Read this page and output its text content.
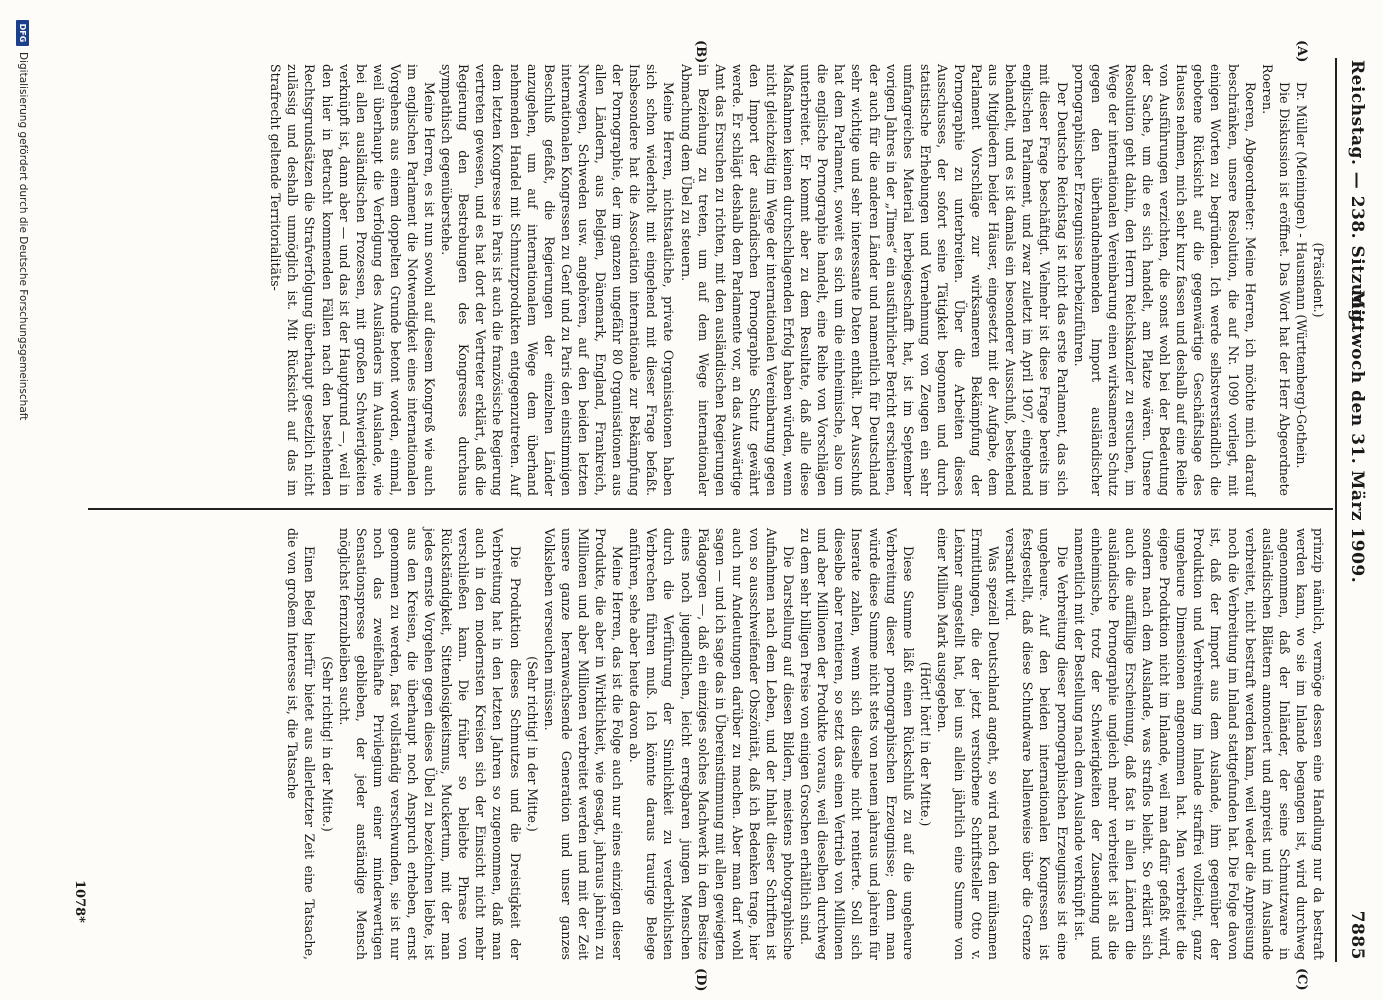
Reichstag. — 238. Sitzung.
Mittwoch den 31. März 1909.
7885
(A)
(B)
(C)
(D)

(Präsident.)

Dr. Müller (Meiningen) - Hausmann (Württemberg)-Gothein.

Die Diskussion ist eröffnet. Das Wort hat der Herr Abgeordnete Roeren.

Roeren, Abgeordneter: Meine Herren, ich möchte mich darauf beschränken, unsere Resolution, die auf Nr. 1090 vorliegt, mit einigen Worten zu begründen. Ich werde selbstverständlich die gebotene Rücksicht auf die gegenwärtige Geschäftslage des Hauses nehmen, mich sehr kurz fassen und deshalb auf eine Reihe von Ausführungen verzichten, die sonst wohl bei der Bedeutung der Sache, um die es sich handelt, am Platze wären. Unsere Resolution geht dahin, den Herrn Reichskanzler zu ersuchen, im Wege der internationalen Vereinbarung einen wirksameren Schutz gegen den überhandnehmenden Import ausländischer pornographischer Erzeugnisse herbeizuführen.

Der Deutsche Reichstag ist nicht das erste Parlament, das sich mit dieser Frage beschäftigt. Vielmehr ist diese Frage bereits im englischen Parlament, und zwar zuletzt im April 1907, eingehend behandelt, und es ist damals ein besonderer Ausschuß, bestehend aus Mitgliedern beider Häuser, eingesetzt mit der Aufgabe, dem Parlament Vorschläge zur wirksameren Bekämpfung der Pornographie zu unterbreiten. Über die Arbeiten dieses Ausschusses, der sofort seine Tätigkeit begonnen und durch statistische Erhebungen und Vernehmung von Zeugen ein sehr umfangreiches Material herbeigeschafft hat, ist im September vorigen Jahres in der „Times“ ein ausführlicher Bericht erschienen, der auch für die anderen Länder und namentlich für Deutschland sehr wichtige und sehr interessante Daten enthält. Der Ausschuß hat dem Parlament, soweit es sich um die einheimische, also um die englische Pornographie handelt, eine Reihe von Vorschlägen unterbreitet. Er kommt aber zu dem Resultate, daß alle diese Maßnahmen keinen durchschlagenden Erfolg haben würden, wenn nicht gleichzeitig im Wege der internationalen Vereinbarung gegen den Import der ausländischen Pornographie Schutz gewährt werde. Er schlägt deshalb dem Parlamente vor, an das Auswärtige Amt das Ersuchen zu richten, mit den ausländischen Regierungen in Beziehung zu treten, um auf dem Wege internationaler Abmachung dem Übel zu steuern.

Meine Herren, nichtstaatliche, private Organisationen haben sich schon wiederholt mit eingehend mit dieser Frage befaßt. Insbesondere hat die Association internationale zur Bekämpfung der Pornographie, der im ganzen ungefähr 80 Organisationen aus allen Ländern, aus Belgien, Dänemark, England, Frankreich, Norwegen, Schweden usw. angehören, auf den beiden letzten internationalen Kongressen zu Genf und zu Paris den einstimmigen Beschluß gefaßt, die Regierungen der einzelnen Länder anzugehen, um auf internationalem Wege dem überhand nehmenden Handel mit Schmutzprodukten entgegenzutreten. Auf dem letzten Kongresse in Paris ist auch die französische Regierung vertreten gewesen, und es hat dort der Vertreter erklärt, daß die Regierung den Bestrebungen des Kongresses durchaus sympathisch gegenüberstehe.

Meine Herren, es ist nun sowohl auf diesem Kongreß wie auch im englischen Parlament die Notwendigkeit eines internationalen Vorgehens aus einem doppelten Grunde betont worden, einmal, weil überhaupt die Verfolgung des Ausländers im Auslande, wie bei allen ausländischen Prozessen, mit großen Schwierigkeiten verknüpft ist, dann aber — und das ist der Hauptgrund —, weil in den hier in Betracht kommenden Fällen nach den bestehenden Rechtsgrundsätzen die Strafverfolgung überhaupt gesetzlich nicht zulässig und deshalb unmöglich ist. Mit Rücksicht auf das im Strafrecht geltende Territorialitäts-

prinzip nämlich, vermöge dessen eine Handlung nur da bestraft werden kann, wo sie im Inlande begangen ist, wird durchweg angenommen, daß der Inländer, der seine Schmutzware in ausländischen Blättern annonciert und anpreist und im Auslande verbreitet, nicht bestraft werden kann, weil weder die Anpreisung noch die Verbreitung im Inland stattgefunden hat. Die Folge davon ist, daß der Import aus dem Auslande, ihm gegenüber der Produktion und Verbreitung im Inlande straffrei vollzieht, ganz ungeheure Dimensionen angenommen hat. Man verbreitet die eigene Produktion nicht im Inlande, weil man dafür gefaßt wird, sondern nach dem Auslande, was straflos bleibt. So erklärt sich auch die auffällige Erscheinung, daß fast in allen Ländern die ausländische Pornographie ungleich mehr verbreitet ist als die einheimische, trotz der Schwierigkeiten der Zusendung und namentlich mit der Bestellung nach dem Auslande verknüpft ist.

Die Verbreitung dieser pornographischen Erzeugnisse ist eine ungeheure. Auf den beiden internationalen Kongressen ist festgestellt, daß diese Schundware ballenweise über die Grenze versandt wird.

Was speziell Deutschland angeht, so wird nach den mühsamen Ermittlungen, die der jetzt verstorbene Schriftsteller Otto v. Leixner angestellt hat, bei uns allein jährlich eine Summe von einer Million Mark ausgegeben.

(Hört! hört! in der Mitte.)

Diese Summe läßt einen Rückschluß zu auf die ungeheure Verbreitung dieser pornographischen Erzeugnisse; denn man würde diese Summe nicht stets von neuem jahraus und jahrein für Inserate zahlen, wenn sich dieselbe nicht rentierte. Soll sich dieselbe aber rentieren, so setzt das einen Vertrieb von Millionen und aber Millionen der Produkte voraus, weil dieselben durchweg zu dem sehr billigen Preise von einigen Groschen erhältlich sind.

Die Darstellung auf diesen Bildern, meistens photographische Aufnahmen nach dem Leben, und der Inhalt dieser Schriften ist von so ausschweifender Obszönität, daß ich Bedenken trage, hier auch nur Andeutungen darüber zu machen. Aber man darf wohl sagen — und ich sage das in Übereinstimmung mit allen gewiegten Pädagogen —, daß ein einziges solches Machwerk in dem Besitze eines noch jugendlichen, leicht erregbaren jungen Menschen durch die Verführung der Sinnlichkeit zu verderblichsten Verbrechen führen muß. Ich könnte daraus traurige Belege anführen, sehe aber heute davon ab.

Meine Herren, das ist die Folge auch nur eines einzigen dieser Produkte, die aber in Wirklichkeit, wie gesagt, jahraus jahrein zu Millionen und aber Millionen verbreitet werden und mit der Zeit unsere ganze heranwachsende Generation und unser ganzes Volksleben verseuchen müssen.

(Sehr richtig! in der Mitte.)

Die Produktion dieses Schmutzes und die Dreistigkeit der Verbreitung hat in den letzten Jahren so zugenommen, daß man auch in den modernsten Kreisen sich der Einsicht nicht mehr verschließen kann. Die früher so beliebte Phrase von Rückständigkeit, Sittenlosigkeitsmus, Muckertum, mit der man jedes ernste Vorgehen gegen dieses Übel zu bezeichnen liebte, ist aus den Kreisen, die überhaupt noch Anspruch erheben, ernst genommen zu werden, fast vollständig verschwunden, sie ist nur noch das zweifelhafte Privilegium einer minderwertigen Sensationspresse geblieben, der jeder anständige Mensch möglichst fernzubleiben sucht.

(Sehr richtig! in der Mitte.)

Einen Beleg hierfür bietet aus allerletzter Zeit eine Tatsache, die von großem Interesse ist, die Tatsache

1078*
DFG
Digitalisierung gefördert durch die Deutsche Forschungsgemeinschaft
